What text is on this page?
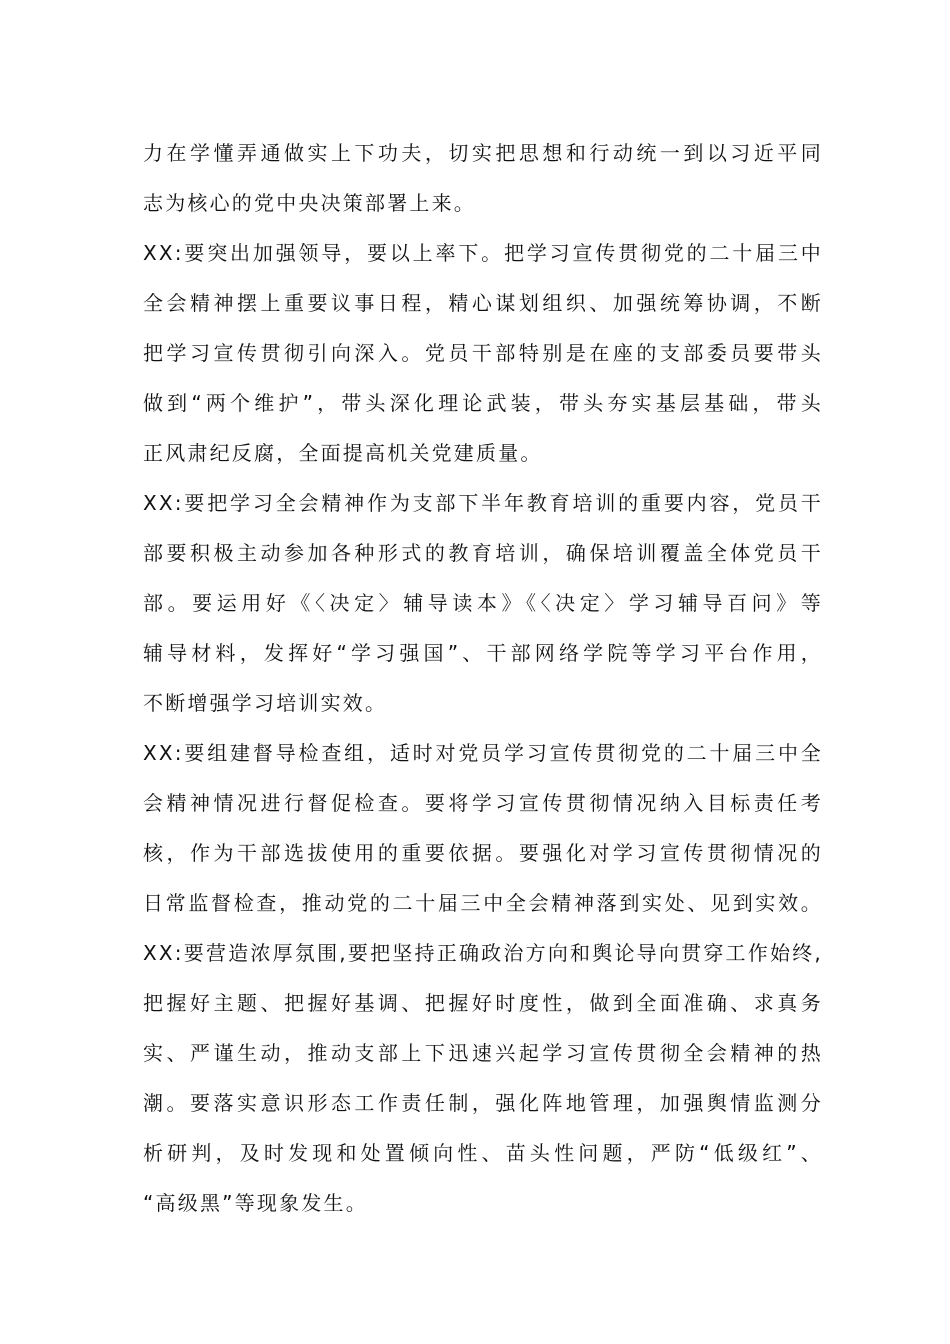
力在学懂弄通做实上下功夫，切实把思想和行动统一到以习近平同
志为核心的党中央决策部署上来。
XX:要突出加强领导，要以上率下。把学习宣传贯彻党的二十届三中
全会精神摆上重要议事日程，精心谋划组织、加强统筹协调，不断
把学习宣传贯彻引向深入。党员干部特别是在座的支部委员要带头
做到“两个维护”，带头深化理论武装，带头夯实基层基础，带头
正风肃纪反腐，全面提高机关党建质量。
XX:要把学习全会精神作为支部下半年教育培训的重要内容，党员干
部要积极主动参加各种形式的教育培训，确保培训覆盖全体党员干
部。要运用好《〈决定〉辅导读本》《〈决定〉学习辅导百问》等
辅导材料，发挥好“学习强国”、干部网络学院等学习平台作用，
不断增强学习培训实效。
XX:要组建督导检查组，适时对党员学习宣传贯彻党的二十届三中全
会精神情况进行督促检查。要将学习宣传贯彻情况纳入目标责任考
核，作为干部选拔使用的重要依据。要强化对学习宣传贯彻情况的
日常监督检查，推动党的二十届三中全会精神落到实处、见到实效。
XX:要营造浓厚氛围,要把坚持正确政治方向和舆论导向贯穿工作始终,
把握好主题、把握好基调、把握好时度性，做到全面准确、求真务
实、严谨生动，推动支部上下迅速兴起学习宣传贯彻全会精神的热
潮。要落实意识形态工作责任制，强化阵地管理，加强舆情监测分
析研判，及时发现和处置倾向性、苗头性问题，严防“低级红”、
“高级黑”等现象发生。
